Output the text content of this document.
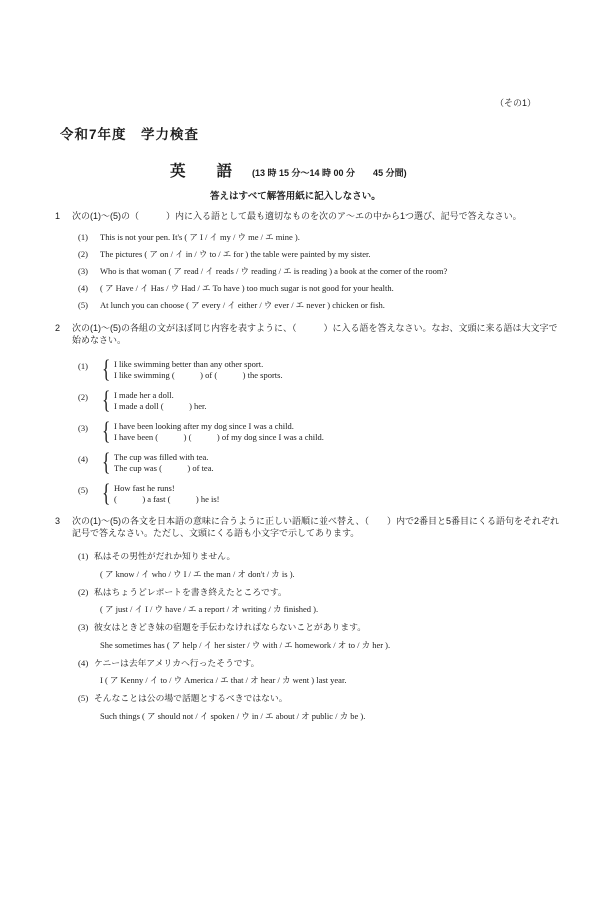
（その1）
令和7年度　学力検査
英　　語 (13 時 15 分～14 時 00 分　　45 分間)
答えはすべて解答用紙に記入しなさい。
1	次の(1)～(5)の（　　　）内に入る語として最も適切なものを次のア～エの中から1つ選び、記号で答えなさい。
(1)	This is not your pen. It's ( ア I / イ my / ウ me / エ mine ).
(2)	The pictures ( ア on / イ in / ウ to / エ for ) the table were painted by my sister.
(3)	Who is that woman ( ア read / イ reads / ウ reading / エ is reading ) a book at the corner of the room?
(4)	( ア Have / イ Has / ウ Had / エ To have ) too much sugar is not good for your health.
(5)	At lunch you can choose ( ア every / イ either / ウ ever / エ never ) chicken or fish.
2	次の(1)～(5)の各組の文がほぼ同じ内容を表すように、（　　　）に入る語を答えなさい。なお、文頭に来る語は大文字で始めなさい。
(1) { I like swimming better than any other sport.
I like swimming (　　　) of (　　　) the sports.
(2) { I made her a doll.
I made a doll (　　　) her.
(3) { I have been looking after my dog since I was a child.
I have been (　　　) (　　　) of my dog since I was a child.
(4) { The cup was filled with tea.
The cup was (　　　) of tea.
(5) { How fast he runs!
(　　　) a fast (　　　) he is!
3	次の(1)～(5)の各文を日本語の意味に合うように正しい語順に並べ替え、（　　）内で2番目と5番目にくる語句をそれぞれ記号で答えなさい。ただし、文頭にくる語も小文字で示してあります。
(1) 私はその男性がだれか知りません。
( ア know / イ who / ウ I / エ the man / オ don't / カ is ).
(2) 私はちょうどレポートを書き終えたところです。
( ア just / イ I / ウ have / エ a report / オ writing / カ finished ).
(3) 彼女はときどき妹の宿題を手伝わなければならないことがあります。
She sometimes has ( ア help / イ her sister / ウ with / エ homework / オ to / カ her ).
(4) ケニーは去年アメリカへ行ったそうです。
I ( ア Kenny / イ to / ウ America / エ that / オ hear / カ went ) last year.
(5) そんなことは公の場で話題とするべきではない。
Such things ( ア should not / イ spoken / ウ in / エ about / オ public / カ be ).
